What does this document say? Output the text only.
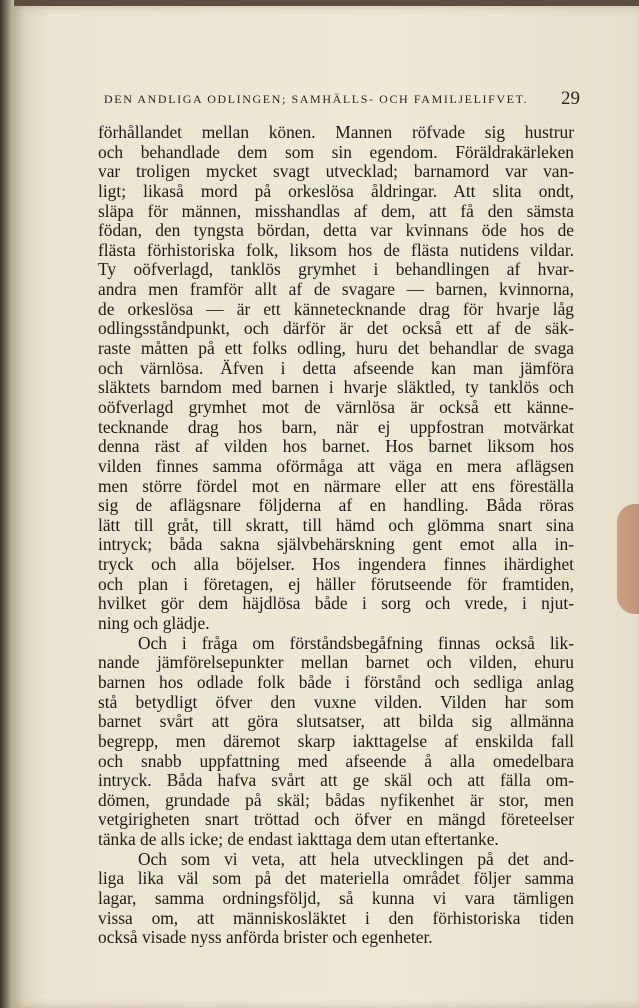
DEN ANDLIGA ODLINGEN; SAMHÄLLS- OCH FAMILJELIFVET. 29
förhållandet mellan könen. Mannen röfvade sig hustrur
och behandlade dem som sin egendom. Föräldrakärleken
var troligen mycket svagt utvecklad; barnamord var van-
ligt; likaså mord på orkeslösa åldringar. Att slita ondt,
släpa för männen, misshandlas af dem, att få den sämsta
födan, den tyngsta bördan, detta var kvinnans öde hos de
flästa förhistoriska folk, liksom hos de flästa nutidens vildar.
Ty oöfverlagd, tanklös grymhet i behandlingen af hvar-
andra men framför allt af de svagare — barnen, kvinnorna,
de orkeslösa — är ett kännetecknande drag för hvarje låg
odlingsståndpunkt, och därför är det också ett af de säk-
raste måtten på ett folks odling, huru det behandlar de svaga
och värnlösa. Äfven i detta afseende kan man jämföra
släktets barndom med barnen i hvarje släktled, ty tanklös och
oöfverlagd grymhet mot de värnlösa är också ett känne-
tecknande drag hos barn, när ej uppfostran motvärkat
denna räst af vilden hos barnet. Hos barnet liksom hos
vilden finnes samma oförmåga att väga en mera aflägsen
men större fördel mot en närmare eller att ens föreställa
sig de aflägsnare följderna af en handling. Båda röras
lätt till gråt, till skratt, till hämd och glömma snart sina
intryck; båda sakna självbehärskning gent emot alla in-
tryck och alla böjelser. Hos ingendera finnes ihärdighet
och plan i företagen, ej häller förutseende för framtiden,
hvilket gör dem häjdlösa både i sorg och vrede, i njut-
ning och glädje.
Och i fråga om förståndsbegåfning finnas också lik-
nande jämförelsepunkter mellan barnet och vilden, ehuru
barnen hos odlade folk både i förstånd och sedliga anlag
stå betydligt öfver den vuxne vilden. Vilden har som
barnet svårt att göra slutsatser, att bilda sig allmänna
begrepp, men däremot skarp iakttagelse af enskilda fall
och snabb uppfattning med afseende å alla omedelbara
intryck. Båda hafva svårt att ge skäl och att fälla om-
dömen, grundade på skäl; bådas nyfikenhet är stor, men
vetgirigheten snart tröttad och öfver en mängd företeelser
tänka de alls icke; de endast iakttaga dem utan eftertanke.
Och som vi veta, att hela utvecklingen på det and-
liga lika väl som på det materiella området följer samma
lagar, samma ordningsföljd, så kunna vi vara tämligen
vissa om, att människosläktet i den förhistoriska tiden
också visade nyss anförda brister och egenheter.
